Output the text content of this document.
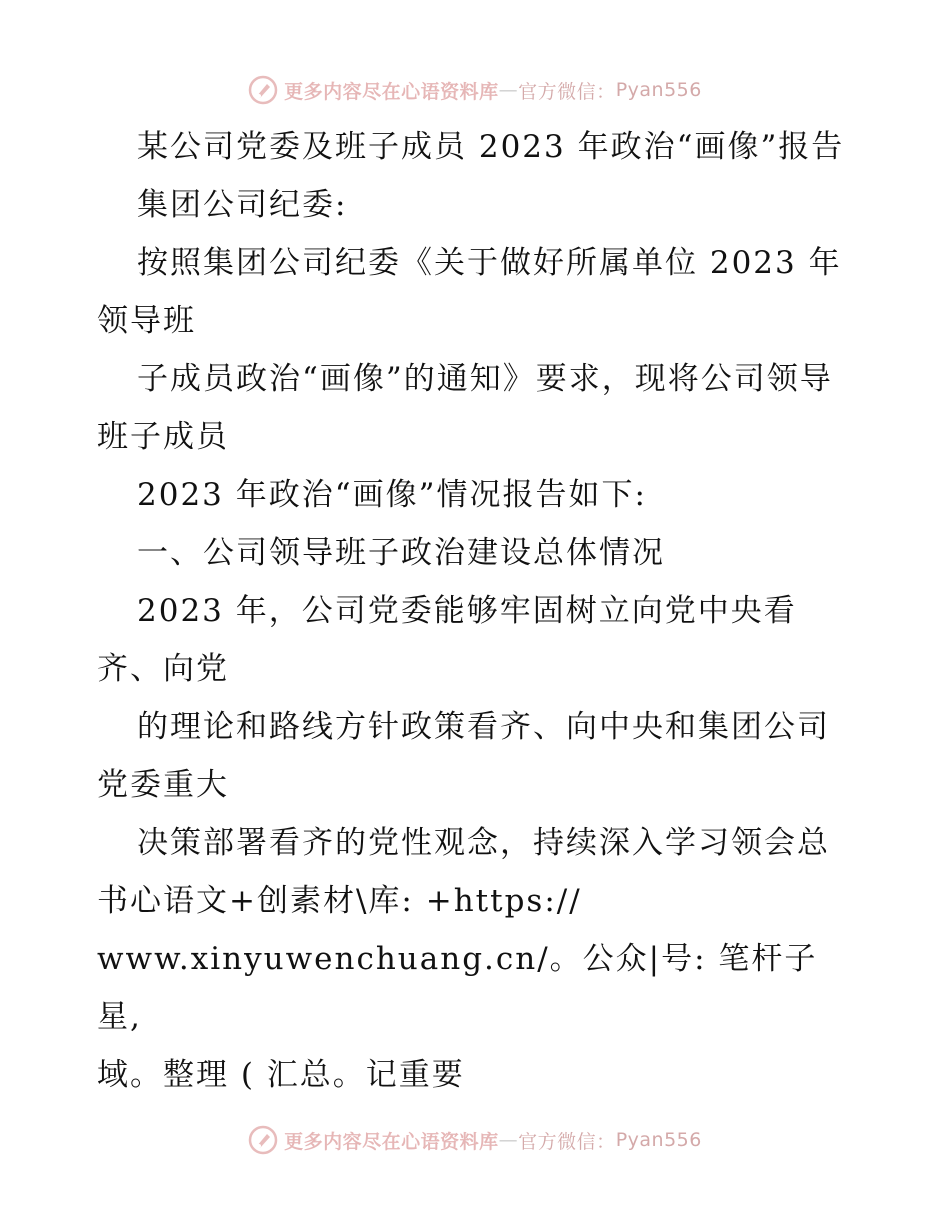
更多内容尽在心语资料库 — 官方微信： Pyan556

某公司党委及班子成员 2023 年政治“画像”报告

集团公司纪委:

按照集团公司纪委《关于做好所属单位 2023 年领导班

子成员政治“画像”的通知》要求，现将公司领导班子成员

2023 年政治“画像”情况报告如下:

一、公司领导班子政治建设总体情况

2023 年，公司党委能够牢固树立向党中央看齐、向党

的理论和路线方针政策看齐、向中央和集团公司党委重大

决策部署看齐的党性观念，持续深入学习领会总书心语文+创素材\库: +https://

www.xinyuwenchuang.cn/。公众|号: 笔杆子星,

域。整理 ( 汇总。记重要

更多内容尽在心语资料库 — 官方微信： Pyan556
